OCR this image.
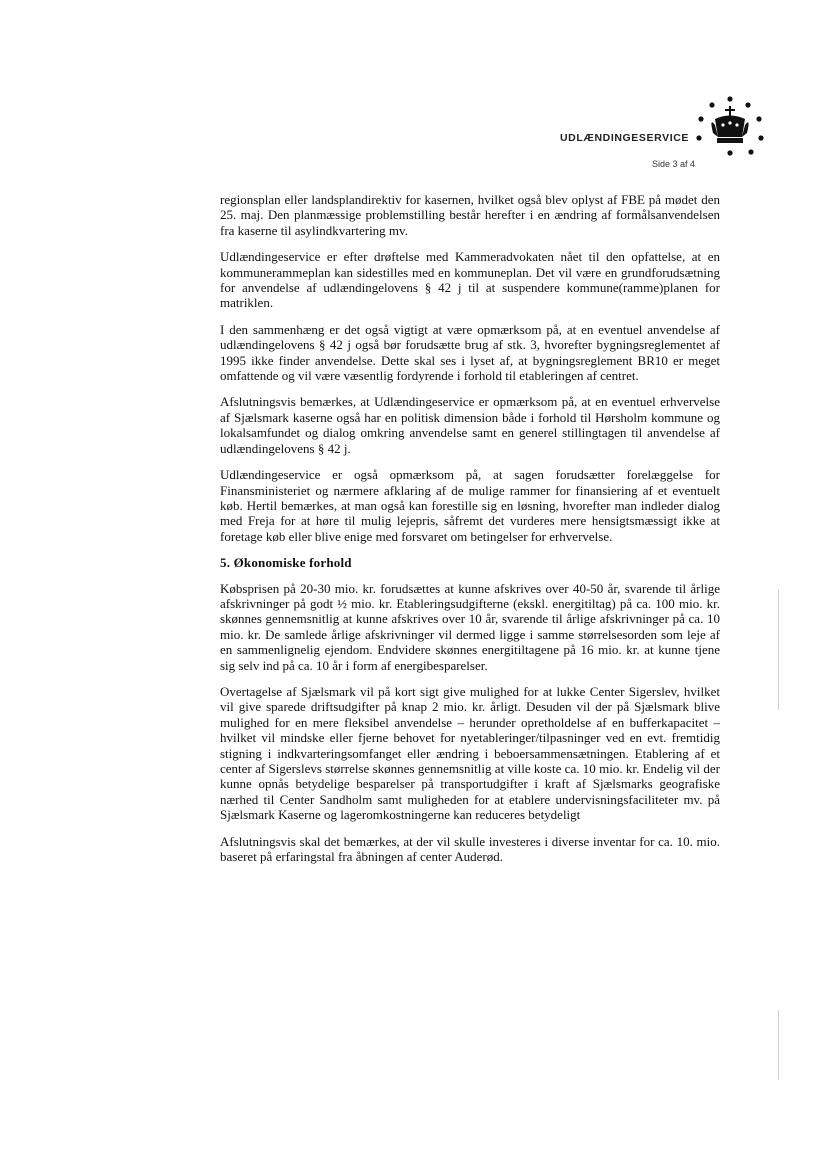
UDLÆNDINGESERVICE
Side 3 af 4

regionsplan eller landsplandirektiv for kasernen, hvilket også blev oplyst af FBE på mødet den 25. maj. Den planmæssige problemstilling består herefter i en ændring af formålsanvendelsen fra kaserne til asylindkvartering mv.

Udlændingeservice er efter drøftelse med Kammeradvokaten nået til den opfattelse, at en kommunerammeplan kan sidestilles med en kommuneplan. Det vil være en grundforudsætning for anvendelse af udlændingelovens § 42 j til at suspendere kommune(ramme)planen for matriklen.

I den sammenhæng er det også vigtigt at være opmærksom på, at en eventuel anvendelse af udlændingelovens § 42 j også bør forudsætte brug af stk. 3, hvorefter bygningsreglementet af 1995 ikke finder anvendelse. Dette skal ses i lyset af, at bygningsreglement BR10 er meget omfattende og vil være væsentlig fordyrende i forhold til etableringen af centret.

Afslutningsvis bemærkes, at Udlændingeservice er opmærksom på, at en eventuel erhvervelse af Sjælsmark kaserne også har en politisk dimension både i forhold til Hørsholm kommune og lokalsamfundet og dialog omkring anvendelse samt en generel stillingtagen til anvendelse af udlændingelovens § 42 j.

Udlændingeservice er også opmærksom på, at sagen forudsætter forelæggelse for Finansministeriet og nærmere afklaring af de mulige rammer for finansiering af et eventuelt køb. Hertil bemærkes, at man også kan forestille sig en løsning, hvorefter man indleder dialog med Freja for at høre til mulig lejepris, såfremt det vurderes mere hensigtsmæssigt ikke at foretage køb eller blive enige med forsvaret om betingelser for erhvervelse.

5. Økonomiske forhold

Købsprisen på 20-30 mio. kr. forudsættes at kunne afskrives over 40-50 år, svarende til årlige afskrivninger på godt ½ mio. kr. Etableringsudgifterne (ekskl. energitiltag) på ca. 100 mio. kr. skønnes gennemsnitlig at kunne afskrives over 10 år, svarende til årlige afskrivninger på ca. 10 mio. kr. De samlede årlige afskrivninger vil dermed ligge i samme størrelsesorden som leje af en sammenlignelig ejendom. Endvidere skønnes energitiltagene på 16 mio. kr. at kunne tjene sig selv ind på ca. 10 år i form af energibesparelser.

Overtagelse af Sjælsmark vil på kort sigt give mulighed for at lukke Center Sigerslev, hvilket vil give sparede driftsudgifter på knap 2 mio. kr. årligt. Desuden vil der på Sjælsmark blive mulighed for en mere fleksibel anvendelse – herunder opretholdelse af en bufferkapacitet – hvilket vil mindske eller fjerne behovet for nyetableringer/tilpasninger ved en evt. fremtidig stigning i indkvarteringsomfanget eller ændring i beboersammensætningen. Etablering af et center af Sigerslevs størrelse skønnes gennemsnitlig at ville koste ca. 10 mio. kr. Endelig vil der kunne opnås betydelige besparelser på transportudgifter i kraft af Sjælsmarks geografiske nærhed til Center Sandholm samt muligheden for at etablere undervisningsfaciliteter mv. på Sjælsmark Kaserne og lageromkostningerne kan reduceres betydeligt

Afslutningsvis skal det bemærkes, at der vil skulle investeres i diverse inventar for ca. 10. mio. baseret på erfaringstal fra åbningen af center Auderød.
